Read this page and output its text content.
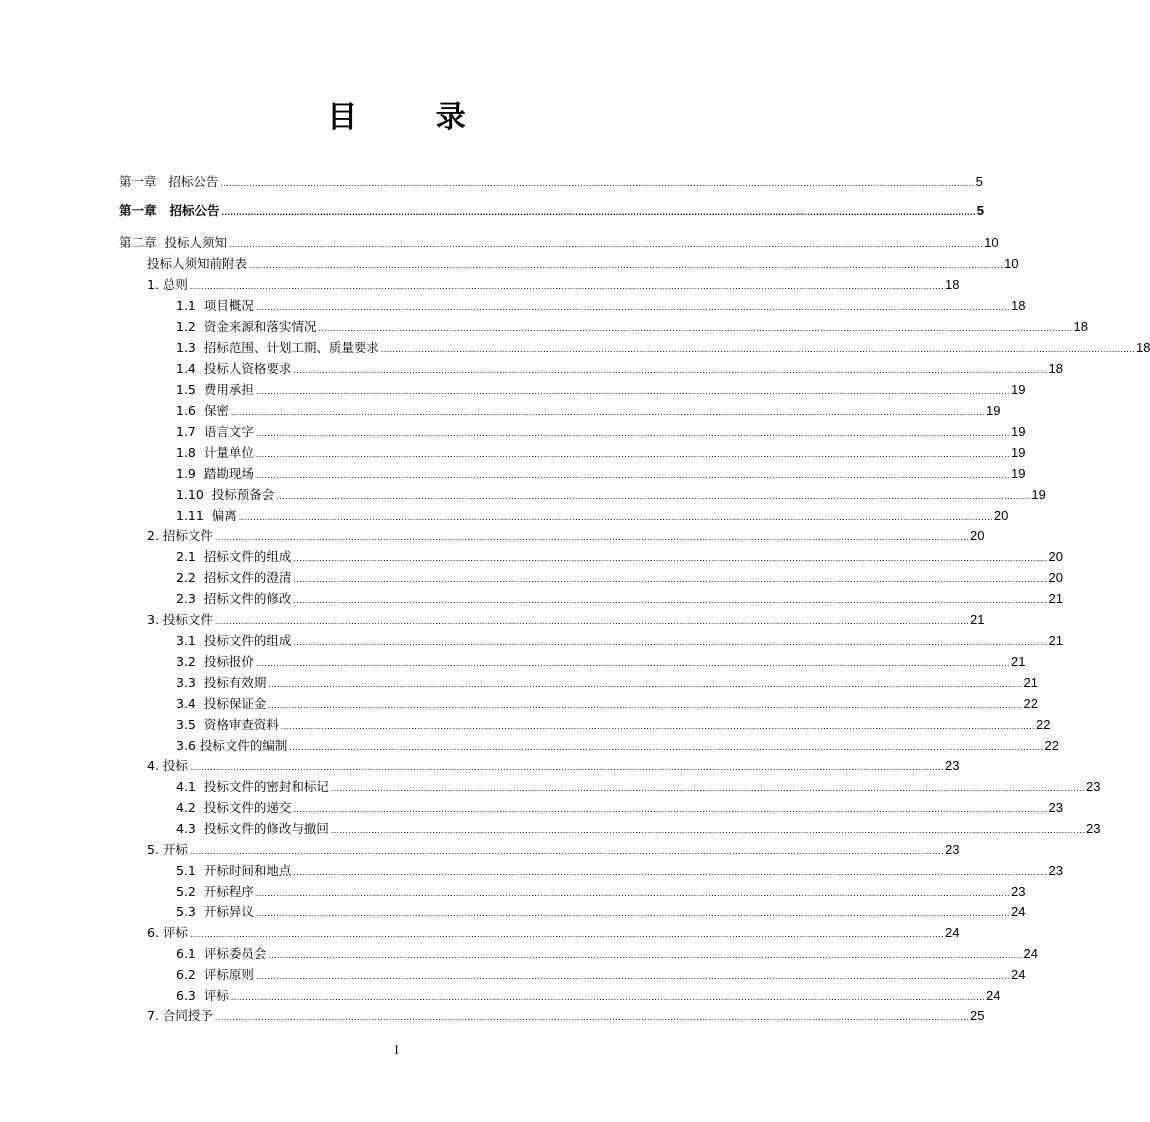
目 录
第一章   招标公告 .................................................................................................................................................................................................................................................................... 5
第一章   招标公告 .................................................................................................................................................................................................................................................................... 5
第二章  投标人须知 .................................................................................................................................................................................................................................................................... 10
投标人须知前附表 .................................................................................................................................................................................................................................................................... 10
1. 总则 .................................................................................................................................................................................................................................................................... 18
1.1  项目概况 .................................................................................................................................................................................................................................................................... 18
1.2  资金来源和落实情况 .................................................................................................................................................................................................................................................................... 18
1.3  招标范围、计划工期、质量要求 .................................................................................................................................................................................................................................................................... 18
1.4  投标人资格要求 .................................................................................................................................................................................................................................................................... 18
1.5  费用承担 .................................................................................................................................................................................................................................................................... 19
1.6  保密 .................................................................................................................................................................................................................................................................... 19
1.7  语言文字 .................................................................................................................................................................................................................................................................... 19
1.8  计量单位 .................................................................................................................................................................................................................................................................... 19
1.9  踏勘现场 .................................................................................................................................................................................................................................................................... 19
1.10  投标预备会 .................................................................................................................................................................................................................................................................... 19
1.11  偏离 .................................................................................................................................................................................................................................................................... 20
2. 招标文件 .................................................................................................................................................................................................................................................................... 20
2.1  招标文件的组成 .................................................................................................................................................................................................................................................................... 20
2.2  招标文件的澄清 .................................................................................................................................................................................................................................................................... 20
2.3  招标文件的修改 .................................................................................................................................................................................................................................................................... 21
3. 投标文件 .................................................................................................................................................................................................................................................................... 21
3.1  投标文件的组成 .................................................................................................................................................................................................................................................................... 21
3.2  投标报价 .................................................................................................................................................................................................................................................................... 21
3.3  投标有效期 .................................................................................................................................................................................................................................................................... 21
3.4  投标保证金 .................................................................................................................................................................................................................................................................... 22
3.5  资格审查资料 .................................................................................................................................................................................................................................................................... 22
3.6 投标文件的编制 .................................................................................................................................................................................................................................................................... 22
4. 投标 .................................................................................................................................................................................................................................................................... 23
4.1  投标文件的密封和标记 .................................................................................................................................................................................................................................................................... 23
4.2  投标文件的递交 .................................................................................................................................................................................................................................................................... 23
4.3  投标文件的修改与撤回 .................................................................................................................................................................................................................................................................... 23
5. 开标 .................................................................................................................................................................................................................................................................... 23
5.1  开标时间和地点 .................................................................................................................................................................................................................................................................... 23
5.2  开标程序 .................................................................................................................................................................................................................................................................... 23
5.3  开标异议 .................................................................................................................................................................................................................................................................... 24
6. 评标 .................................................................................................................................................................................................................................................................... 24
6.1  评标委员会 .................................................................................................................................................................................................................................................................... 24
6.2  评标原则 .................................................................................................................................................................................................................................................................... 24
6.3  评标 .................................................................................................................................................................................................................................................................... 24
7. 合同授予 .................................................................................................................................................................................................................................................................... 25
I
